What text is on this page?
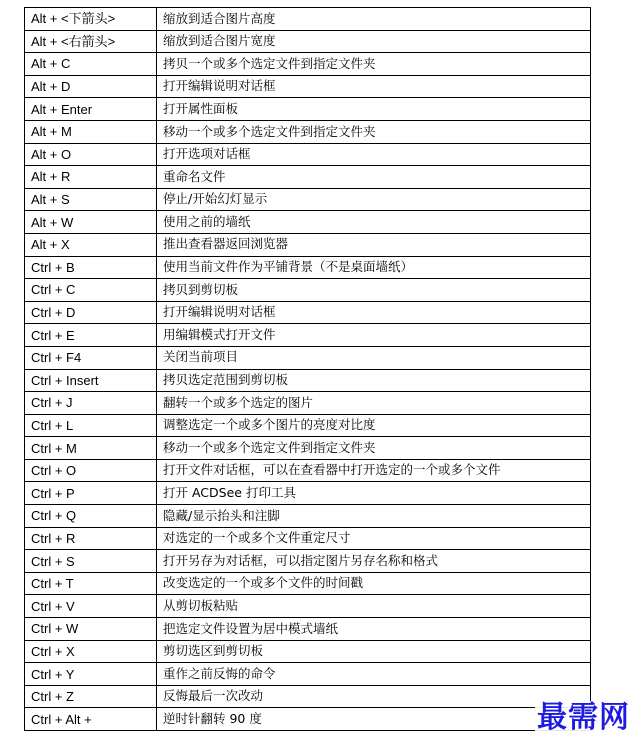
Alt + <下箭头>	缩放到适合图片高度
Alt + <右箭头>	缩放到适合图片宽度
Alt + C	拷贝一个或多个选定文件到指定文件夹
Alt + D	打开编辑说明对话框
Alt + Enter	打开属性面板
Alt + M	移动一个或多个选定文件到指定文件夹
Alt + O	打开选项对话框
Alt + R	重命名文件
Alt + S	停止/开始幻灯显示
Alt + W	使用之前的墙纸
Alt + X	推出查看器返回浏览器
Ctrl + B	使用当前文件作为平铺背景（不是桌面墙纸）
Ctrl + C	拷贝到剪切板
Ctrl + D	打开编辑说明对话框
Ctrl + E	用编辑模式打开文件
Ctrl + F4	关闭当前项目
Ctrl + Insert	拷贝选定范围到剪切板
Ctrl + J	翻转一个或多个选定的图片
Ctrl + L	调整选定一个或多个图片的亮度对比度
Ctrl + M	移动一个或多个选定文件到指定文件夹
Ctrl + O	打开文件对话框，可以在查看器中打开选定的一个或多个文件
Ctrl + P	打开 ACDSee 打印工具
Ctrl + Q	隐藏/显示抬头和注脚
Ctrl + R	对选定的一个或多个文件重定尺寸
Ctrl + S	打开另存为对话框，可以指定图片另存名称和格式
Ctrl + T	改变选定的一个或多个文件的时间戳
Ctrl + V	从剪切板粘贴
Ctrl + W	把选定文件设置为居中模式墙纸
Ctrl + X	剪切选区到剪切板
Ctrl + Y	重作之前反悔的命令
Ctrl + Z	反悔最后一次改动
Ctrl + Alt +	逆时针翻转 90 度	最需网
